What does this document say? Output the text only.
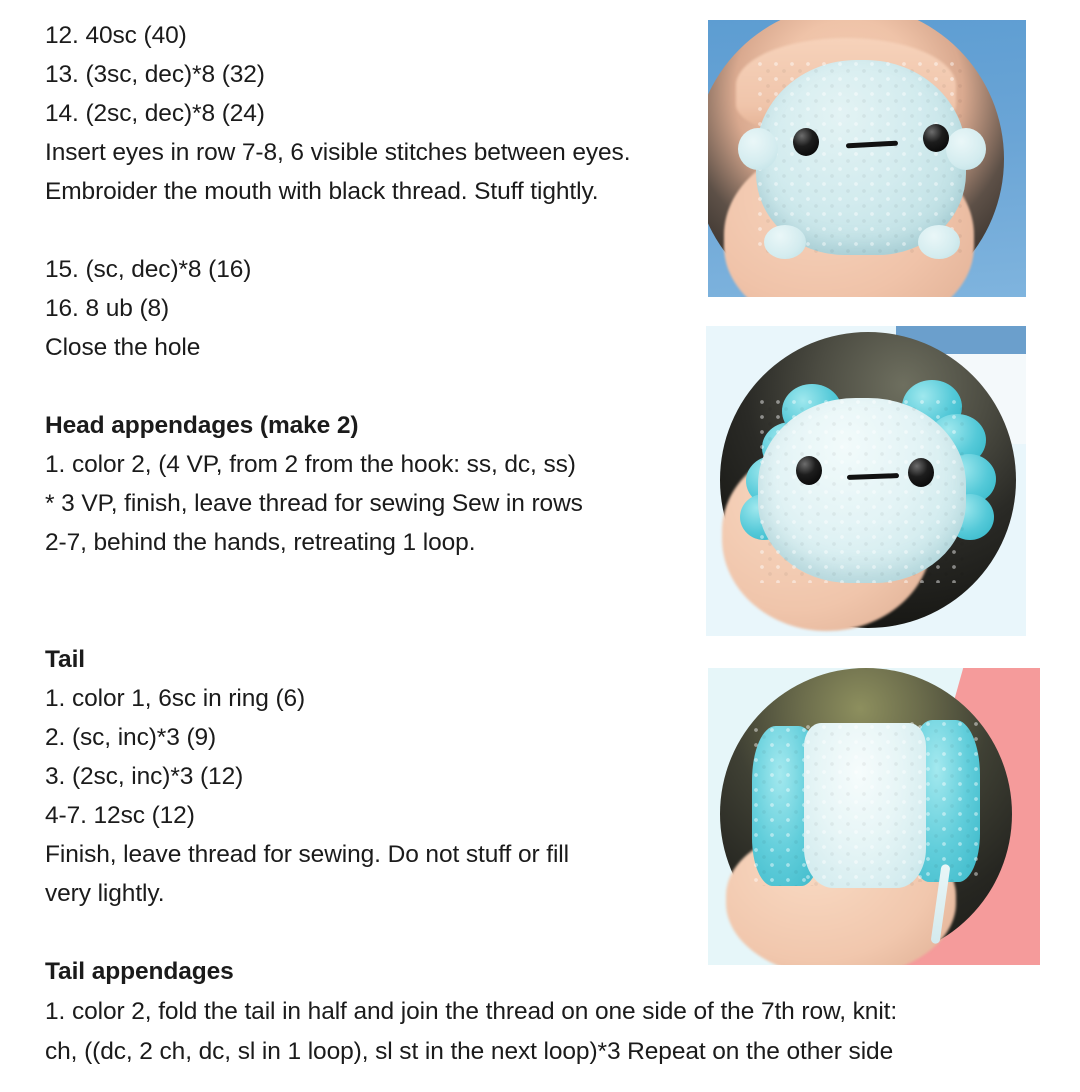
12. 40sc (40)
13. (3sc, dec)*8 (32)
14. (2sc, dec)*8 (24)
Insert eyes in row 7-8, 6 visible stitches between eyes.
Embroider the mouth with black thread. Stuff tightly.
15. (sc, dec)*8 (16)
16. 8 ub (8)
Close the hole
Head appendages (make 2)
1. color 2, (4 VP, from 2 from the hook: ss, dc, ss)
* 3 VP, finish, leave thread for sewing Sew in rows
2-7, behind the hands, retreating 1 loop.
Tail
1. color 1, 6sc in ring (6)
2. (sc, inc)*3 (9)
3. (2sc, inc)*3 (12)
4-7. 12sc (12)
Finish, leave thread for sewing. Do not stuff or fill
very lightly.
Tail appendages
1. color 2, fold the tail in half and join the thread on one side of the 7th row, knit:
ch, ((dc, 2 ch, dc, sl in 1 loop), sl st in the next loop)*3 Repeat on the other side
